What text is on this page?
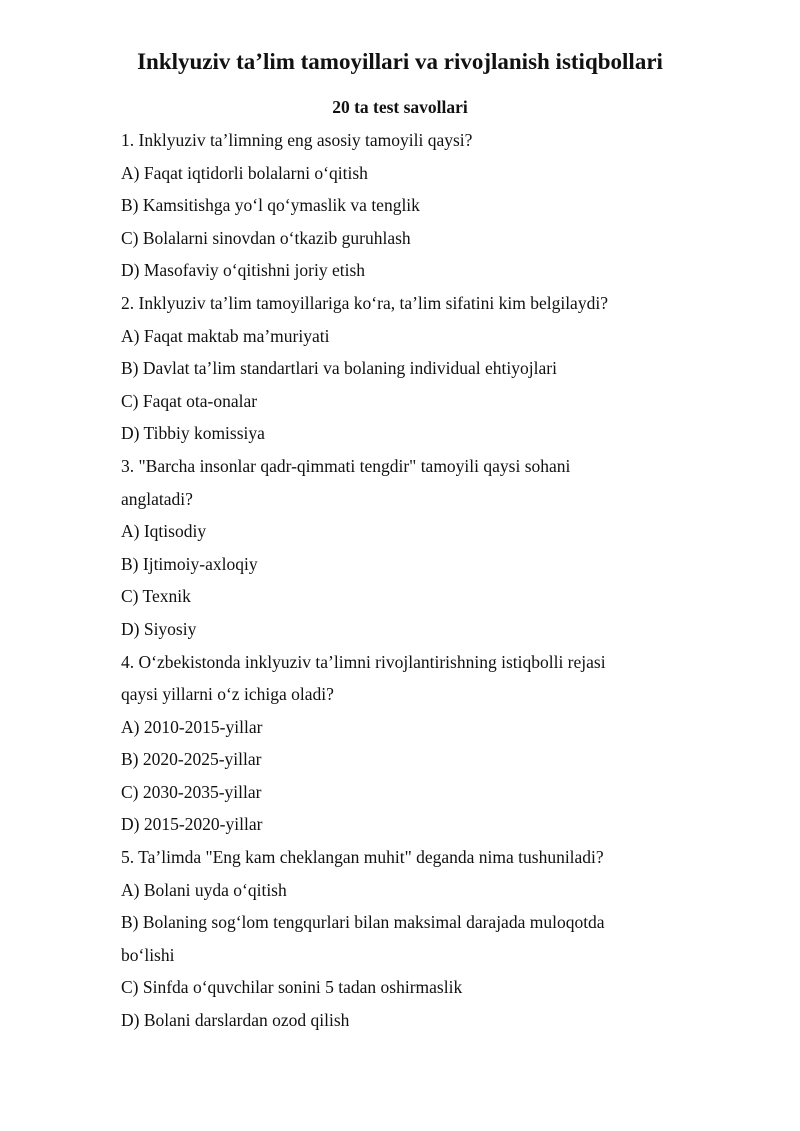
Inklyuziv ta’lim tamoyillari va rivojlanish istiqbollari
20 ta test savollari
1. Inklyuziv ta’limning eng asosiy tamoyili qaysi?
A) Faqat iqtidorli bolalarni o‘qitish
B) Kamsitishga yo‘l qo‘ymaslik va tenglik
C) Bolalarni sinovdan o‘tkazib guruhlash
D) Masofaviy o‘qitishni joriy etish
2. Inklyuziv ta’lim tamoyillariga ko‘ra, ta’lim sifatini kim belgilaydi?
A) Faqat maktab ma’muriyati
B) Davlat ta’lim standartlari va bolaning individual ehtiyojlari
C) Faqat ota-onalar
D) Tibbiy komissiya
3. "Barcha insonlar qadr-qimmati tengdir" tamoyili qaysi sohani
anglatadi?
A) Iqtisodiy
B) Ijtimoiy-axloqiy
C) Texnik
D) Siyosiy
4. O‘zbekistonda inklyuziv ta’limni rivojlantirishning istiqbolli rejasi
qaysi yillarni o‘z ichiga oladi?
A) 2010-2015-yillar
B) 2020-2025-yillar
C) 2030-2035-yillar
D) 2015-2020-yillar
5. Ta’limda "Eng kam cheklangan muhit" deganda nima tushuniladi?
A) Bolani uyda o‘qitish
B) Bolaning sog‘lom tengqurlari bilan maksimal darajada muloqotda
bo‘lishi
C) Sinfda o‘quvchilar sonini 5 tadan oshirmaslik
D) Bolani darslardan ozod qilish
